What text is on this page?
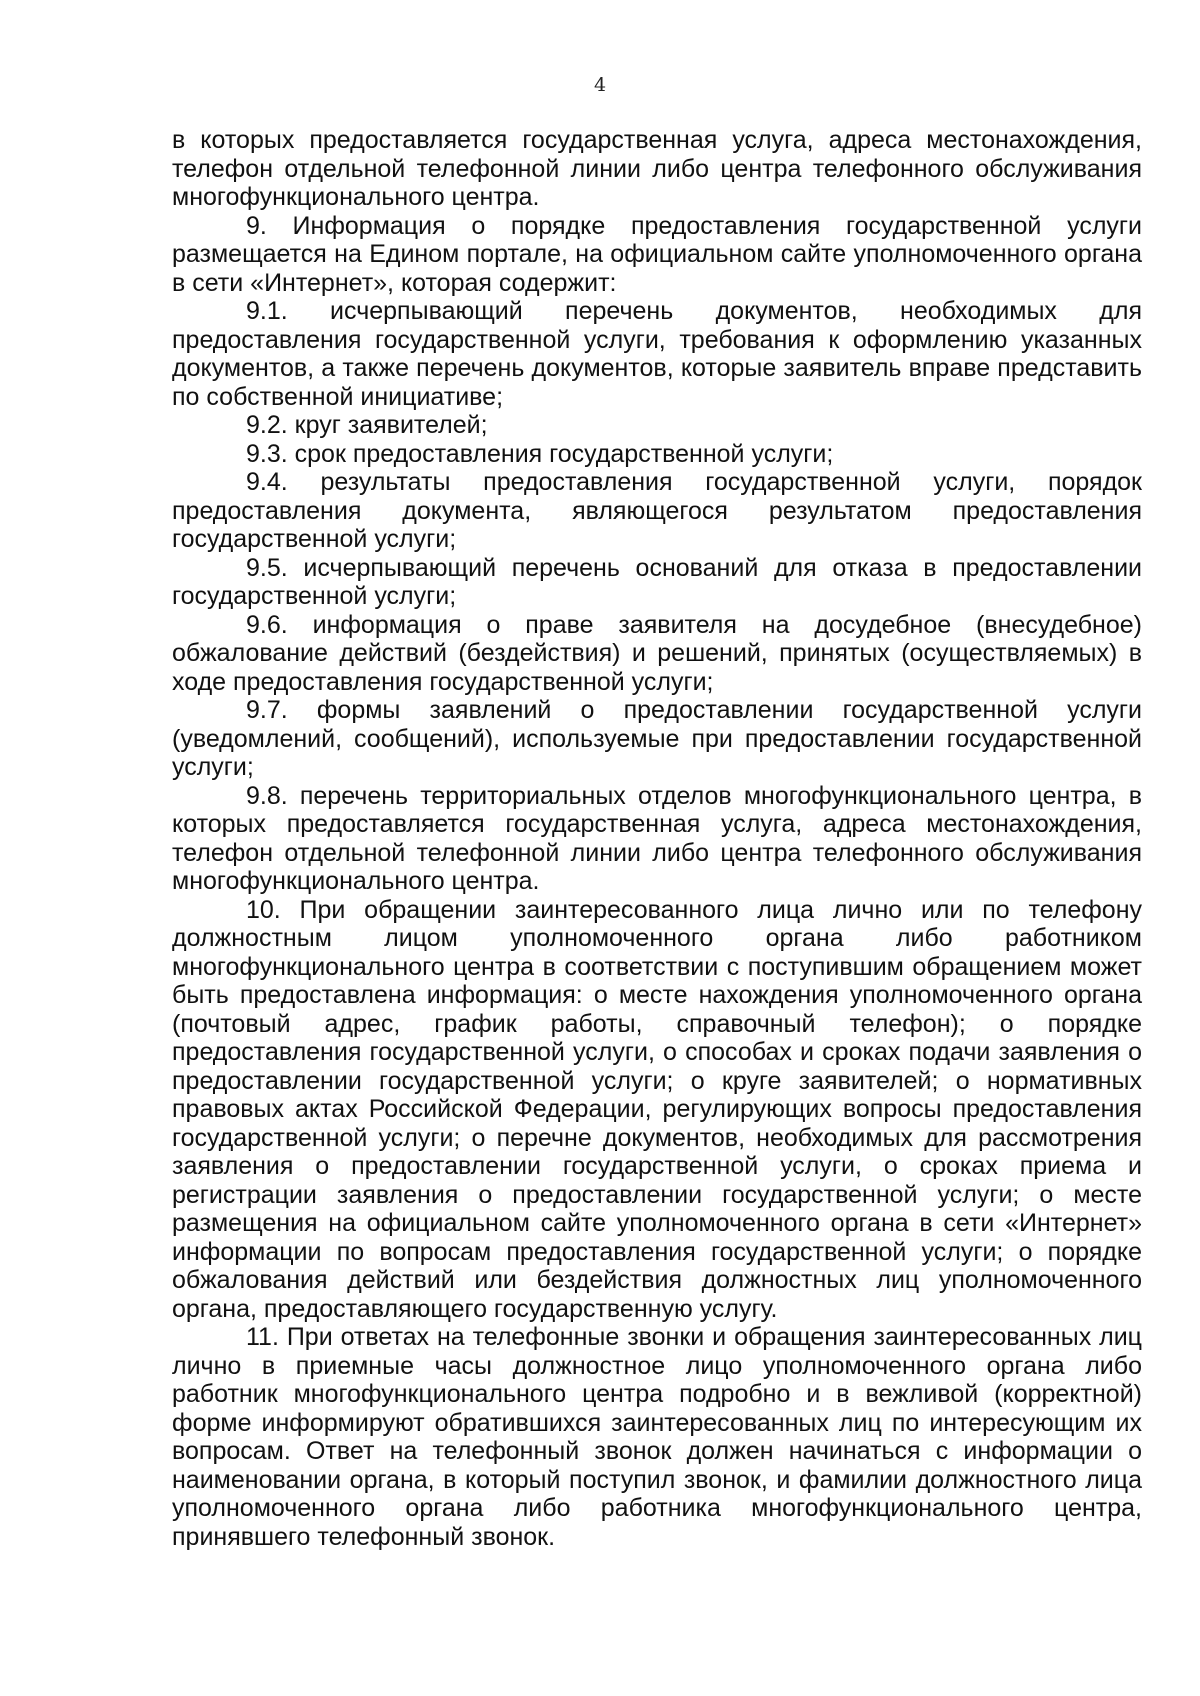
4

в которых предоставляется государственная услуга, адреса местонахождения, телефон отдельной телефонной линии либо центра телефонного обслуживания многофункционального центра.

9. Информация о порядке предоставления государственной услуги размещается на Едином портале, на официальном сайте уполномоченного органа в сети «Интернет», которая содержит:

9.1. исчерпывающий перечень документов, необходимых для предоставления государственной услуги, требования к оформлению указанных документов, а также перечень документов, которые заявитель вправе представить по собственной инициативе;

9.2. круг заявителей;

9.3. срок предоставления государственной услуги;

9.4. результаты предоставления государственной услуги, порядок предоставления документа, являющегося результатом предоставления государственной услуги;

9.5. исчерпывающий перечень оснований для отказа в предоставлении государственной услуги;

9.6. информация о праве заявителя на досудебное (внесудебное) обжалование действий (бездействия) и решений, принятых (осуществляемых) в ходе предоставления государственной услуги;

9.7. формы заявлений о предоставлении государственной услуги (уведомлений, сообщений), используемые при предоставлении государственной услуги;

9.8. перечень территориальных отделов многофункционального центра, в которых предоставляется государственная услуга, адреса местонахождения, телефон отдельной телефонной линии либо центра телефонного обслуживания многофункционального центра.

10. При обращении заинтересованного лица лично или по телефону должностным лицом уполномоченного органа либо работником многофункционального центра в соответствии с поступившим обращением может быть предоставлена информация: о месте нахождения уполномоченного органа (почтовый адрес, график работы, справочный телефон); о порядке предоставления государственной услуги, о способах и сроках подачи заявления о предоставлении государственной услуги; о круге заявителей; о нормативных правовых актах Российской Федерации, регулирующих вопросы предоставления государственной услуги; о перечне документов, необходимых для рассмотрения заявления о предоставлении государственной услуги, о сроках приема и регистрации заявления о предоставлении государственной услуги; о месте размещения на официальном сайте уполномоченного органа в сети «Интернет» информации по вопросам предоставления государственной услуги; о порядке обжалования действий или бездействия должностных лиц уполномоченного органа, предоставляющего государственную услугу.

11. При ответах на телефонные звонки и обращения заинтересованных лиц лично в приемные часы должностное лицо уполномоченного органа либо работник многофункционального центра подробно и в вежливой (корректной) форме информируют обратившихся заинтересованных лиц по интересующим их вопросам. Ответ на телефонный звонок должен начинаться с информации о наименовании органа, в который поступил звонок, и фамилии должностного лица уполномоченного органа либо работника многофункционального центра, принявшего телефонный звонок.
